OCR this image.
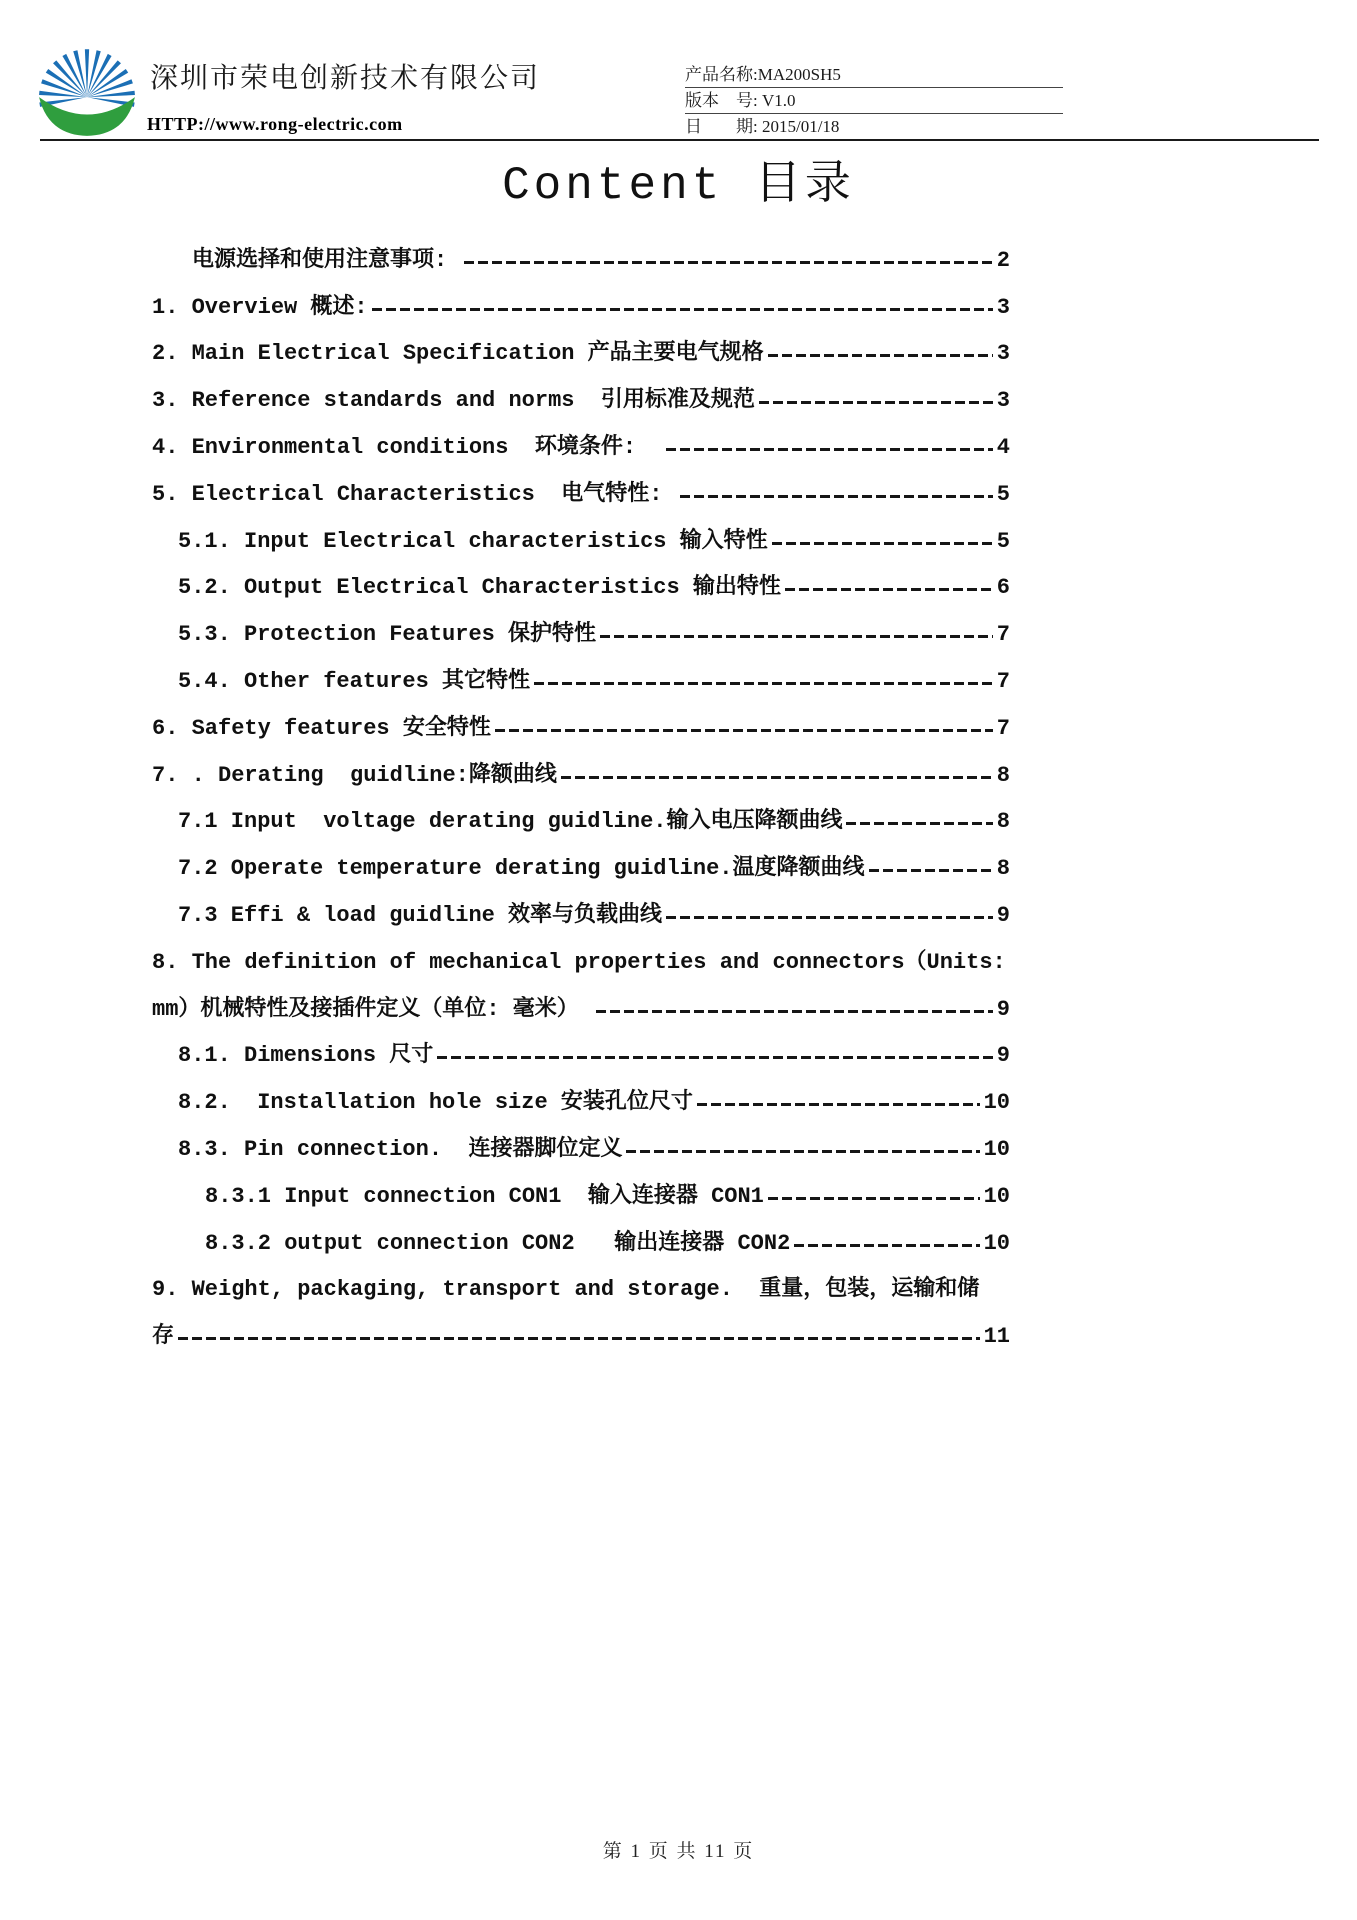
深圳市荣电创新技术有限公司
HTTP://www.rong-electric.com
产品名称:MA200SH5
版本　号: V1.0
日　　期: 2015/01/18
Content 目录
电源选择和使用注意事项:	2
1. Overview 概述:	3
2. Main Electrical Specification 产品主要电气规格	3
3. Reference standards and norms  引用标准及规范	3
4. Environmental conditions  环境条件:	4
5. Electrical Characteristics  电气特性:	5
5.1. Input Electrical characteristics 输入特性	5
5.2. Output Electrical Characteristics 输出特性	6
5.3. Protection Features 保护特性	7
5.4. Other features 其它特性	7
6. Safety features 安全特性	7
7. . Derating  guidline:降额曲线	8
7.1 Input  voltage derating guidline.输入电压降额曲线	8
7.2 Operate temperature derating guidline.温度降额曲线	8
7.3 Effi & load guidline 效率与负载曲线	9
8. The definition of mechanical properties and connectors（Units:
mm）机械特性及接插件定义（单位: 毫米）	9
8.1. Dimensions 尺寸	9
8.2.  Installation hole size 安装孔位尺寸	10
8.3. Pin connection.  连接器脚位定义	10
8.3.1 Input connection CON1  输入连接器 CON1	10
8.3.2 output connection CON2   输出连接器 CON2	10
9. Weight, packaging, transport and storage.  重量，包装，运输和储
存	11
第 1 页 共 11 页
